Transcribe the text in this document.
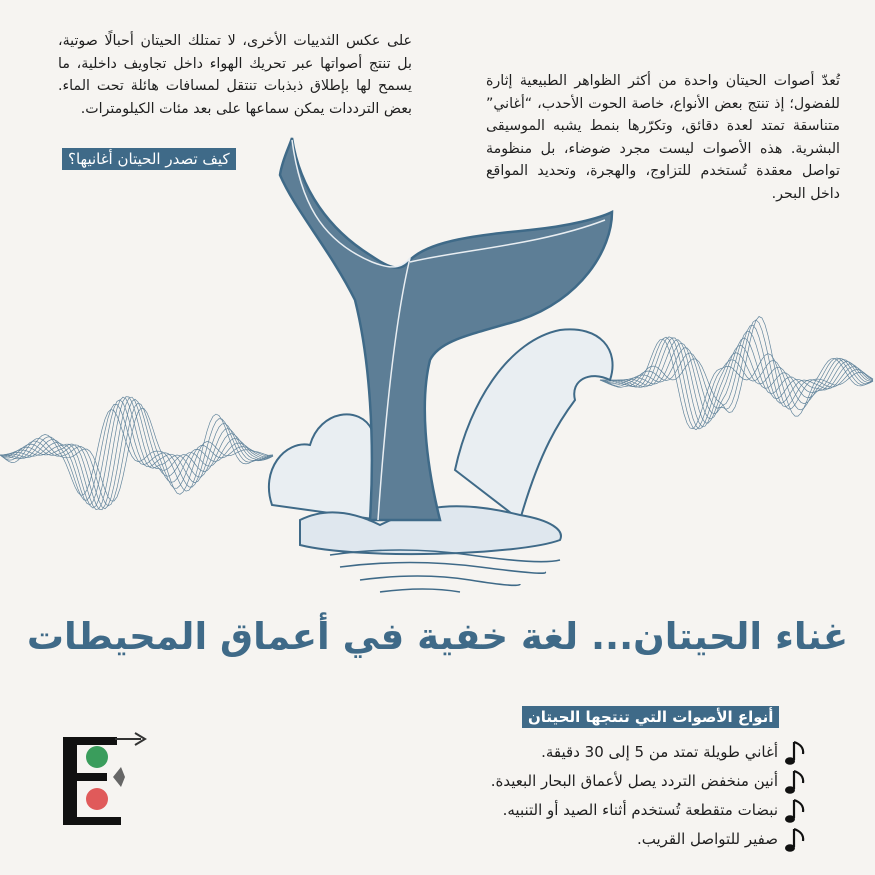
على عكس الثدييات الأخرى، لا تمتلك الحيتان أحبالًا صوتية، بل تنتج أصواتها عبر تحريك الهواء داخل تجاويف داخلية، ما يسمح لها بإطلاق ذبذبات تنتقل لمسافات هائلة تحت الماء. بعض الترددات يمكن سماعها على بعد مئات الكيلومترات.

كيف تصدر الحيتان أغانيها؟

تُعدّ أصوات الحيتان واحدة من أكثر الظواهر الطبيعية إثارة للفضول؛ إذ تنتج بعض الأنواع، خاصة الحوت الأحدب، “أغاني” متناسقة تمتد لعدة دقائق، وتكرّرها بنمط يشبه الموسيقى البشرية. هذه الأصوات ليست مجرد ضوضاء، بل منظومة تواصل معقدة تُستخدم للتزاوج، والهجرة، وتحديد المواقع داخل البحر.

غناء الحيتان... لغة خفية في أعماق المحيطات
أنواع الأصوات التي تنتجها الحيتان
أغاني طويلة تمتد من 5 إلى 30 دقيقة.
أنين منخفض التردد يصل لأعماق البحار البعيدة.
نبضات متقطعة تُستخدم أثناء الصيد أو التنبيه.
صفير للتواصل القريب.
